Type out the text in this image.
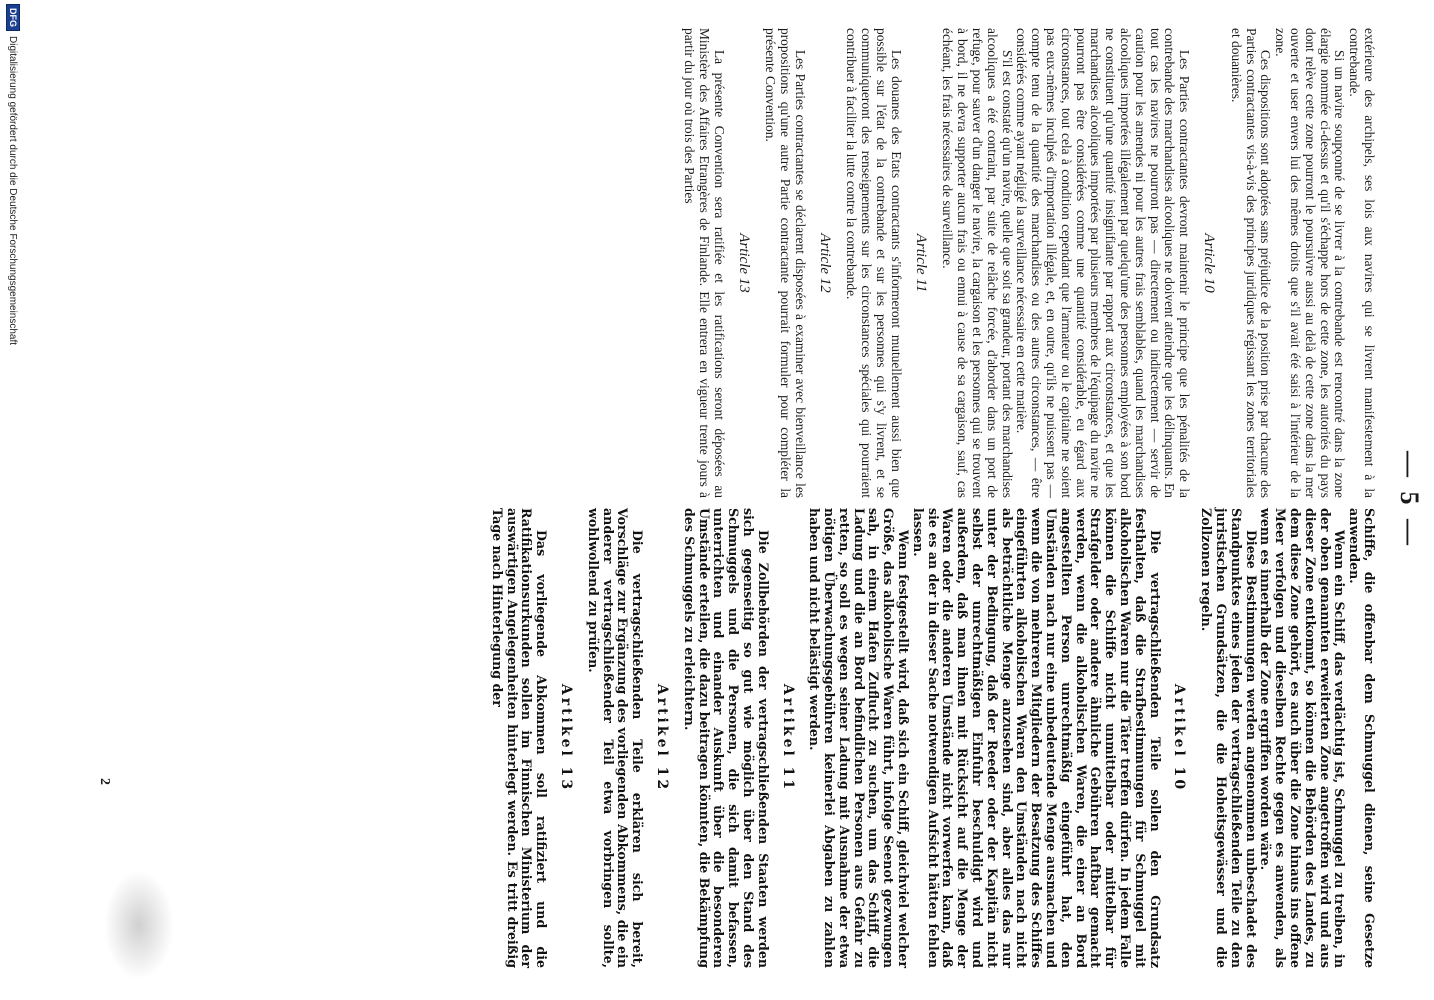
— 5 —

extérieure des archipels, ses lois aux navires qui se livrent manifestement à la contrebande.

Si un navire soupçonné de se livrer à la contrebande est rencontré dans la zone élargie nommée ci-dessus et qu'il s'échappe hors de cette zone, les autorités du pays dont relève cette zone pourront le poursuivre aussi au delà de cette zone dans la mer ouverte et user envers lui des mêmes droits que s'il avait été saisi à l'intérieur de la zone.

Ces dispositions sont adoptées sans préjudice de la position prise par chacune des Parties contractantes vis-à-vis des principes juridiques régissant les zones territoriales et douanières.

Article 10

Les Parties contractantes devront maintenir le principe que les pénalités de la contrebande des marchandises alcooliques ne doivent atteindre que les délinquants. En tout cas les navires ne pourront pas — directement ou indirectement — servir de caution pour les amendes ni pour les autres frais semblables, quand les marchandises alcooliques importées illégalement par quelqu'une des personnes employées à son bord ne constituent qu'une quantité insignifiante par rapport aux circonstances, et que les marchandises alcooliques importées par plusieurs membres de l'équipage du navire ne pourront pas être considérées comme une quantité considérable, eu égard aux circonstances, tout cela à condition cependant que l'armateur ou le capitaine ne soient pas eux-mêmes inculpés d'importation illégale, et, en outre, qu'ils ne puissent pas — compte tenu de la quantité des marchandises ou des autres circonstances, — être considérés comme ayant négligé la surveillance nécessaire en cette matière.

S'il est constaté qu'un navire, quelle que soit sa grandeur, portant des marchandises alcooliques a été contraint, par suite de relâche forcée, d'aborder dans un port de refuge, pour sauver d'un danger le navire, la cargaison et les personnes qui se trouvent à bord, il ne devra supporter aucun frais ou ennui à cause de sa cargaison, sauf, cas échéant, les frais nécessaires de surveillance.

Article 11

Les douanes des Etats contractants s'informeront mutuellement aussi bien que possible sur l'état de la contrebande et sur les personnes qui s'y livrent, et se communiqueront des renseignements sur les circonstances spéciales qui pourraient contribuer à faciliter la lutte contre la contrebande.

Article 12

Les Parties contractantes se déclarent disposées à examiner avec bienveillance les propositions qu'une autre Partie contractante pourrait formuler pour compléter la présente Convention.

Article 13

La présente Convention sera ratifiée et les ratifications seront déposées au Ministère des Affaires Etrangères de Finlande. Elle entrera en vigueur trente jours à partir du jour où trois des Parties

Schiffe, die offenbar dem Schmuggel dienen, seine Gesetze anwenden.

Wenn ein Schiff, das verdächtig ist, Schmuggel zu treiben, in der oben genannten erweiterten Zone angetroffen wird und aus dieser Zone entkommt, so können die Behörden des Landes, zu dem diese Zone gehört, es auch über die Zone hinaus ins offene Meer verfolgen und dieselben Rechte gegen es anwenden, als wenn es innerhalb der Zone ergriffen worden wäre.

Diese Bestimmungen werden angenommen unbeschadet des Standpunktes eines jeden der vertragschließenden Teile zu den juristischen Grundsätzen, die die Hoheitsgewässer und die Zollzonen regeln.

Artikel 10

Die vertragschließenden Teile sollen den Grundsatz festhalten, daß die Strafbestimmungen für Schmuggel mit alkoholischen Waren nur die Täter treffen dürfen. In jedem Falle können die Schiffe nicht unmittelbar oder mittelbar für Strafgelder oder andere ähnliche Gebühren haftbar gemacht werden, wenn die alkoholischen Waren, die einer an Bord angestellten Person unrechtmäßig eingeführt hat, den Umständen nach nur eine unbedeutende Menge ausmachen und wenn die von mehreren Mitgliedern der Besatzung des Schiffes eingeführten alkoholischen Waren den Umständen nach nicht als beträchtliche Menge anzusehen sind, aber alles das nur unter der Bedingung, daß der Reeder oder der Kapitän nicht selbst der unrechtmäßigen Einfuhr beschuldigt wird und außerdem, daß man ihnen mit Rücksicht auf die Menge der Waren oder die anderen Umstände nicht vorwerfen kann, daß sie es an der in dieser Sache notwendigen Aufsicht hätten fehlen lassen.

Wenn festgestellt wird, daß sich ein Schiff, gleichviel welcher Größe, das alkoholische Waren führt, infolge Seenot gezwungen sah, in einem Hafen Zuflucht zu suchen, um das Schiff, die Ladung und die an Bord befindlichen Personen aus Gefahr zu retten, so soll es wegen seiner Ladung mit Ausnahme der etwa nötigen Überwachungsgebühren keinerlei Abgaben zu zahlen haben und nicht belästigt werden.

Artikel 11

Die Zollbehörden der vertragschließenden Staaten werden sich gegenseitig so gut wie möglich über den Stand des Schmuggels und die Personen, die sich damit befassen, unterrichten und einander Auskunft über die besonderen Umstände erteilen, die dazu beitragen könnten, die Bekämpfung des Schmuggels zu erleichtern.

Artikel 12

Die vertragschließenden Teile erklären sich bereit, Vorschläge zur Ergänzung des vorliegenden Abkommens, die ein anderer vertragschließender Teil etwa vorbringen sollte, wohlwollend zu prüfen.

Artikel 13

Das vorliegende Abkommen soll ratifiziert und die Ratifikationsurkunden sollen im Finnischen Ministerium der auswärtigen Angelegenheiten hinterlegt werden. Es tritt dreißig Tage nach Hinterlegung der

2
DFG
Digitalisierung gefördert durch die Deutsche Forschungsgemeinschaft
